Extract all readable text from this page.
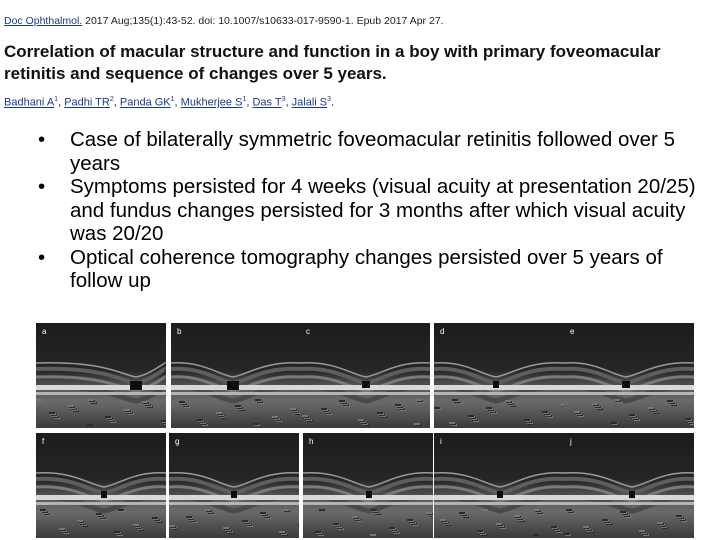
Doc Ophthalmol. 2017 Aug;135(1):43-52. doi: 10.1007/s10633-017-9590-1. Epub 2017 Apr 27.
Correlation of macular structure and function in a boy with primary foveomacular retinitis and sequence of changes over 5 years.
Badhani $A^1$, Padhi $TR^2$, Panda $GK^1$, Mukherjee $S^1$, Das $T^3$, Jalali $S^3$.
•	Case of bilaterally symmetric foveomacular retinitis followed over 5 years
•	Symptoms persisted for 4 weeks (visual acuity at presentation 20/25) and fundus changes persisted for 3 months after which visual acuity was 20/20
•	Optical coherence tomography changes persisted over 5 years of follow up
a	b	c	d	e
f	g	h	i	j
